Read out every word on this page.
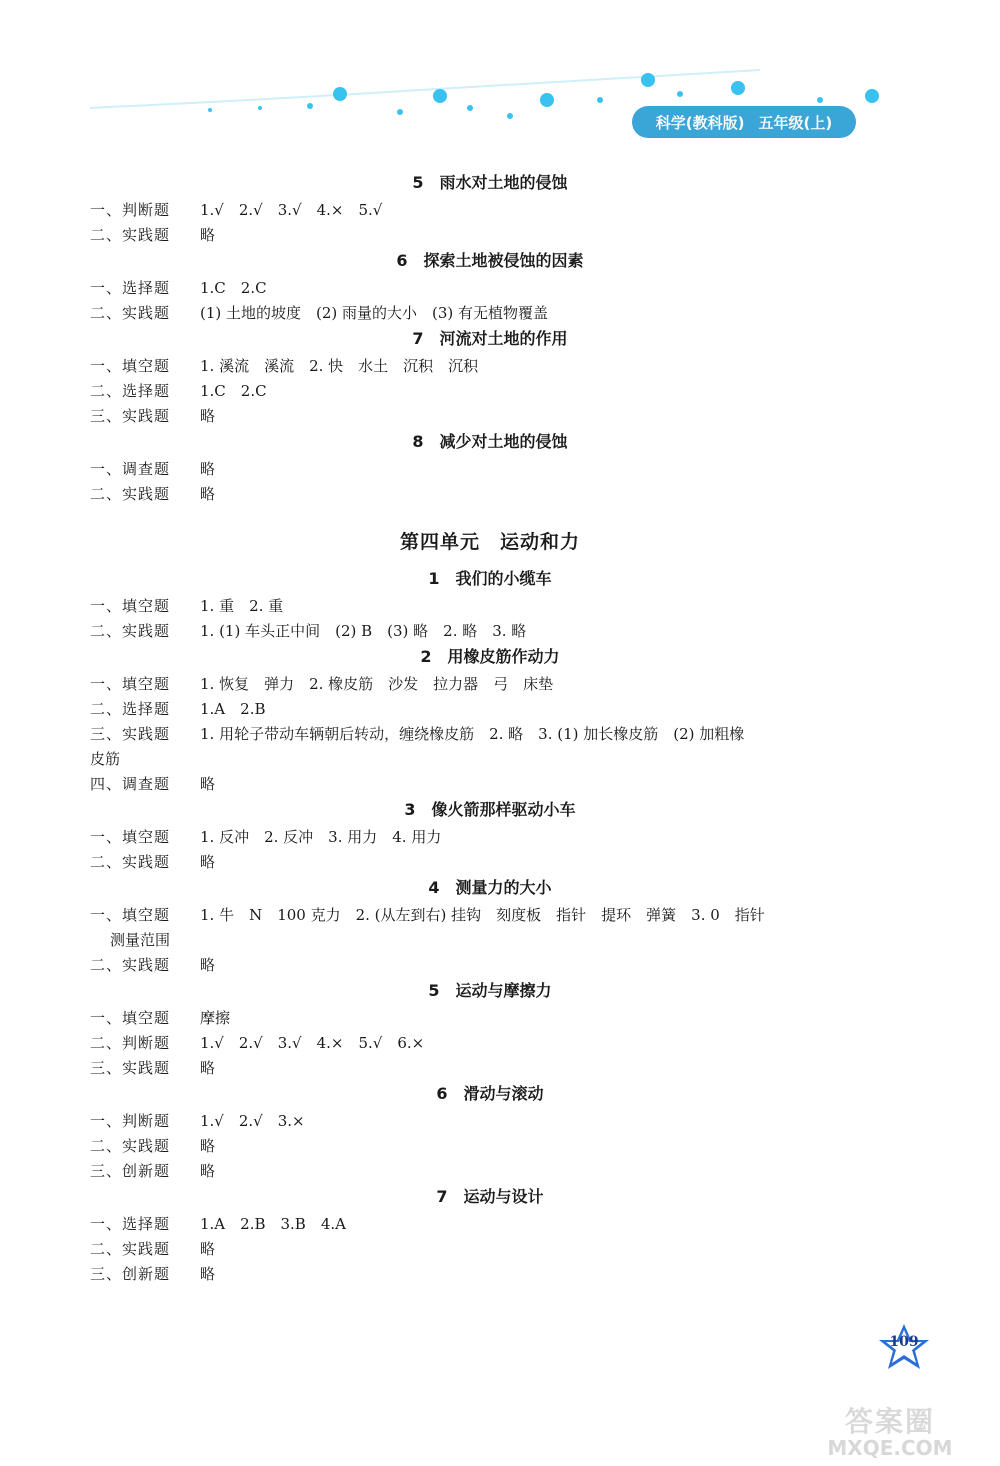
科学(教科版) 五年级(上)
5　雨水对土地的侵蚀
一、判断题 1.√　2.√　3.√　4.×　5.√
二、实践题 略
6　探索土地被侵蚀的因素
一、选择题 1.C　2.C
二、实践题 (1) 土地的坡度　(2) 雨量的大小　(3) 有无植物覆盖
7　河流对土地的作用
一、填空题 1. 溪流　溪流　2. 快　水土　沉积　沉积
二、选择题 1.C　2.C
三、实践题 略
8　减少对土地的侵蚀
一、调查题 略
二、实践题 略
第四单元　运动和力
1　我们的小缆车
一、填空题 1. 重　2. 重
二、实践题 1. (1) 车头正中间　(2) B　(3) 略　2. 略　3. 略
2　用橡皮筋作动力
一、填空题 1. 恢复　弹力　2. 橡皮筋　沙发　拉力器　弓　床垫
二、选择题 1.A　2.B
三、实践题 1. 用轮子带动车辆朝后转动，缠绕橡皮筋　2. 略　3. (1) 加长橡皮筋　(2) 加粗橡
皮筋
四、调查题 略
3　像火箭那样驱动小车
一、填空题 1. 反冲　2. 反冲　3. 用力　4. 用力
二、实践题 略
4　测量力的大小
一、填空题 1. 牛　N　100 克力　2. (从左到右) 挂钩　刻度板　指针　提环　弹簧　3. 0　指针
测量范围
二、实践题 略
5　运动与摩擦力
一、填空题 摩擦
二、判断题 1.√　2.√　3.√　4.×　5.√　6.×
三、实践题 略
6　滑动与滚动
一、判断题 1.√　2.√　3.×
二、实践题 略
三、创新题 略
7　运动与设计
一、选择题 1.A　2.B　3.B　4.A
二、实践题 略
三、创新题 略
109
答案圈
MXQE.COM
